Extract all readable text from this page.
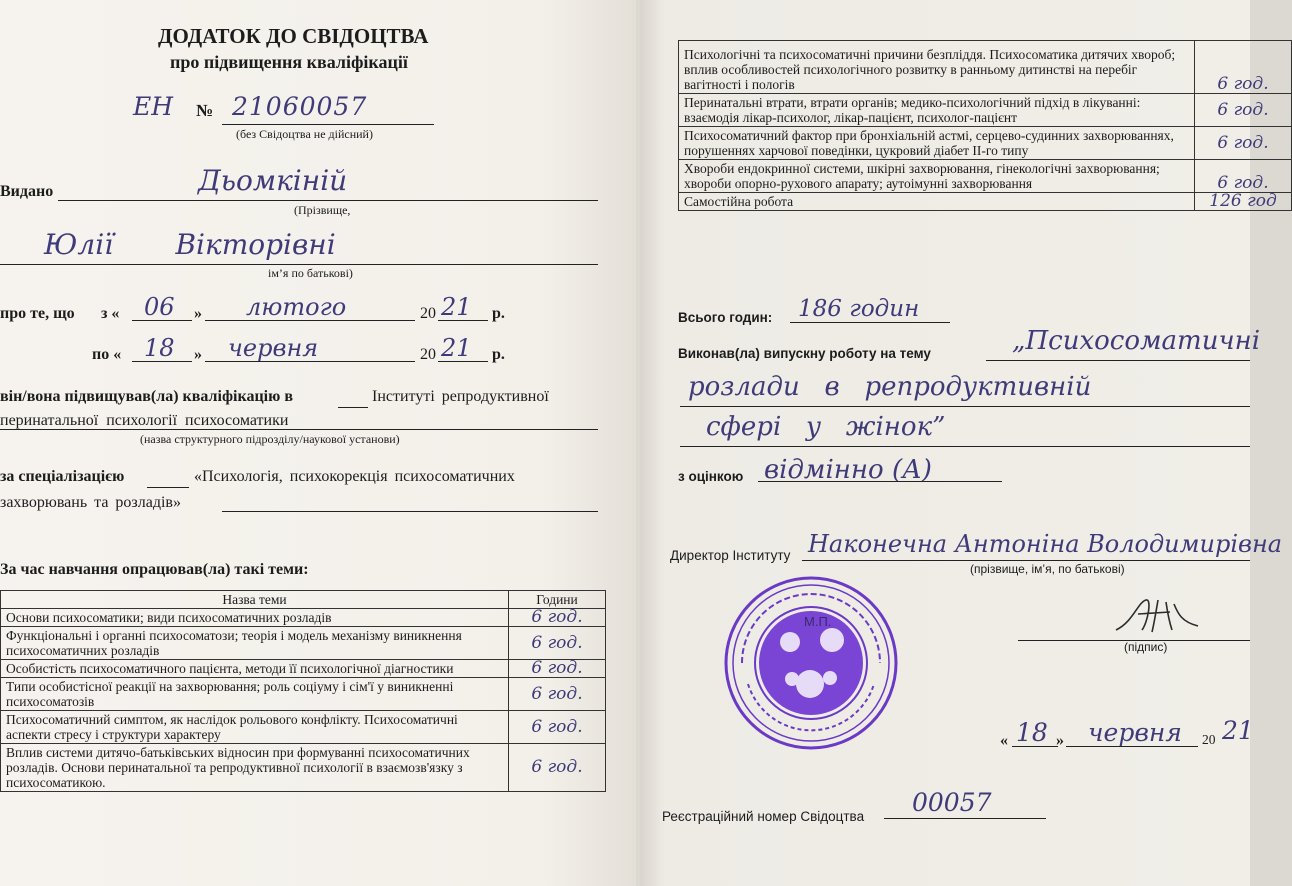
ДОДАТОК ДО СВІДОЦТВА
про підвищення кваліфікації
ЕН № 21060057
(без Свідоцтва не дійсний)
Видано	Дьомкіній
(Прізвище,
Юлії       Вікторівні
ім’я по батькові)
про те, що з « 06 » лютого	20 21 р.
по « 18 » червня	20 21 р.
він/вона підвищував(ла) кваліфікацію в	Інституті репродуктивної
перинатальної психології психосоматики
(назва структурного підрозділу/наукової установи)
за спеціалізацією	«Психологія, психокорекція психосоматичних
захворювань та розладів»
За час навчання опрацював(ла) такі теми:
Назва теми	Години
Основи психосоматики; види психосоматичних розладів	6 год.
Функціональні і органні психосоматози; теорія і модель механізму виникнення психосоматичних розладів	6 год.
Особистість психосоматичного пацієнта, методи її психологічної діагностики	6 год.
Типи особистісної реакції на захворювання; роль соціуму і сім'ї у виникненні психосоматозів	6 год.
Психосоматичний симптом, як наслідок рольового конфлікту. Психосоматичні аспекти стресу і структури характеру	6 год.
Вплив системи дитячо-батьківських відносин при формуванні психосоматичних розладів. Основи перинатальної та репродуктивної психології в взаємозв'язку з психосоматикою.	6 год.
Психологічні та психосоматичні причини безпліддя. Психосоматика дитячих хвороб; вплив особливостей психологічного розвитку в ранньому дитинстві на перебіг вагітності і пологів	6 год.
Перинатальні втрати, втрати органів; медико-психологічний підхід в лікуванні: взаємодія лікар-психолог, лікар-пацієнт, психолог-пацієнт	6 год.
Психосоматичний фактор при бронхіальній астмі, серцево-судинних захворюваннях, порушеннях харчової поведінки, цукровий діабет ІІ-го типу	6 год.
Хвороби ендокринної системи, шкірні захворювання, гінекологічні захворювання; хвороби опорно-рухового апарату; аутоімунні захворювання	6 год.
Самостійна робота	126 год
Всього годин: 186 годин
Виконав(ла) випускну роботу на тему	„Психосоматичні
розлади   в   репродуктивній
сфері   у   жінок”
з оцінкою відмінно (А)
Директор Інституту Наконечна Антоніна Володимирівна
(прізвище, ім’я, по батькові)
(підпис)
« 18 » червня 20 21
Реєстраційний номер Свідоцтва 00057
М.П.
